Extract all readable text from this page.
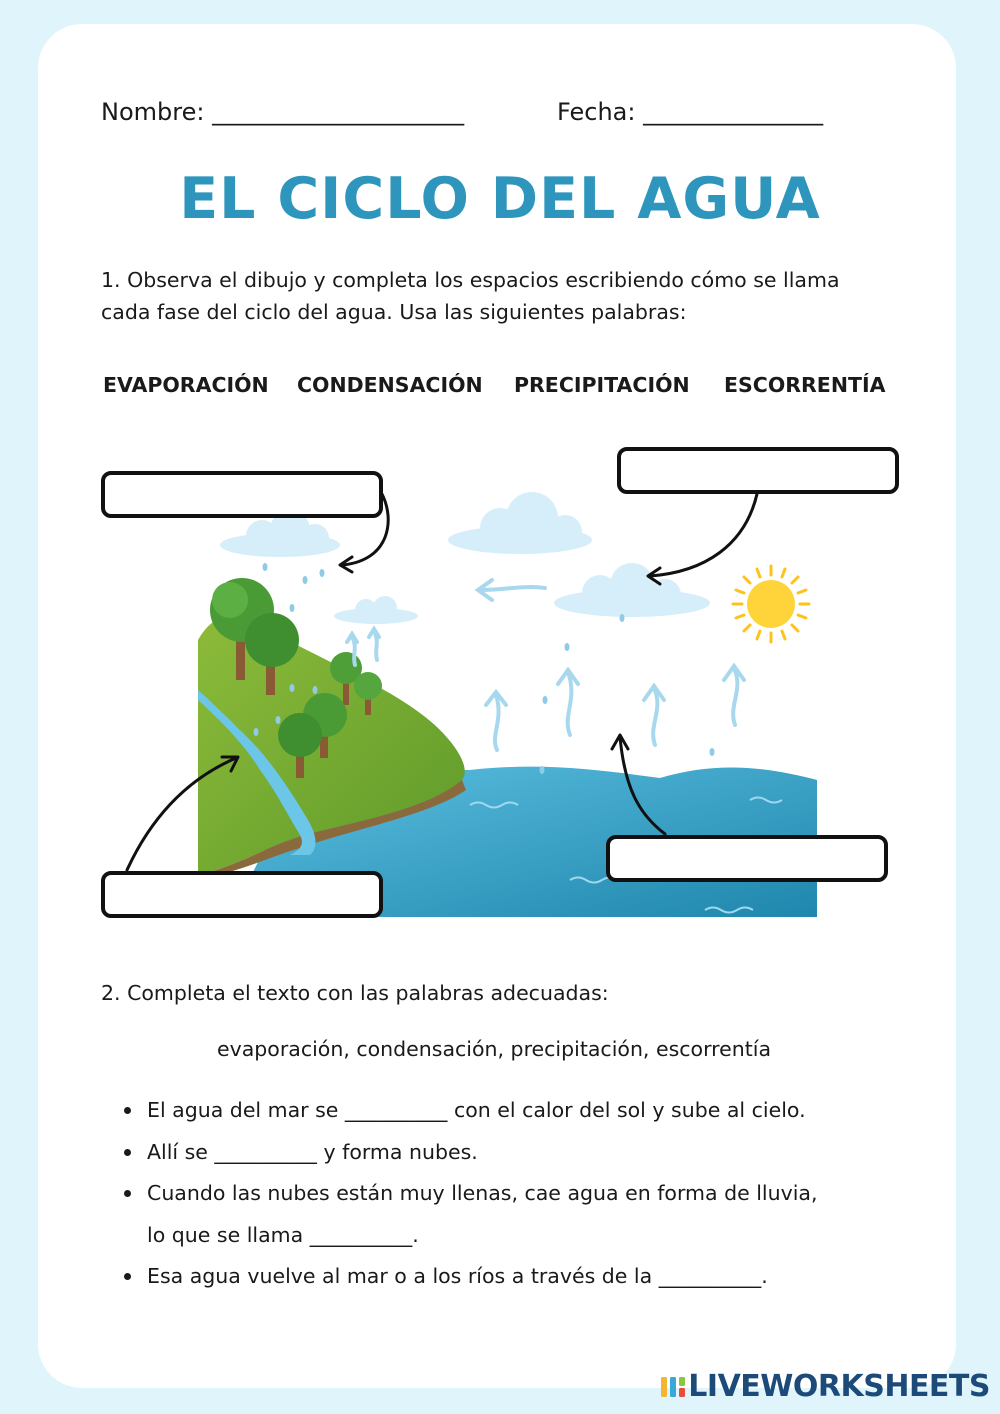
Nombre: _____________________	Fecha: _______________
EL CICLO DEL AGUA
1. Observa el dibujo y completa los espacios escribiendo cómo se llama
cada fase del ciclo del agua. Usa las siguientes palabras:
EVAPORACIÓN CONDENSACIÓN PRECIPITACIÓN ESCORRENTÍA
2. Completa el texto con las palabras adecuadas:
evaporación, condensación, precipitación, escorrentía
El agua del mar se __________ con el calor del sol y sube al cielo.
Allí se __________ y forma nubes.
Cuando las nubes están muy llenas, cae agua en forma de lluvia,
lo que se llama __________.
Esa agua vuelve al mar o a los ríos a través de la __________.
LIVEWORKSHEETS
